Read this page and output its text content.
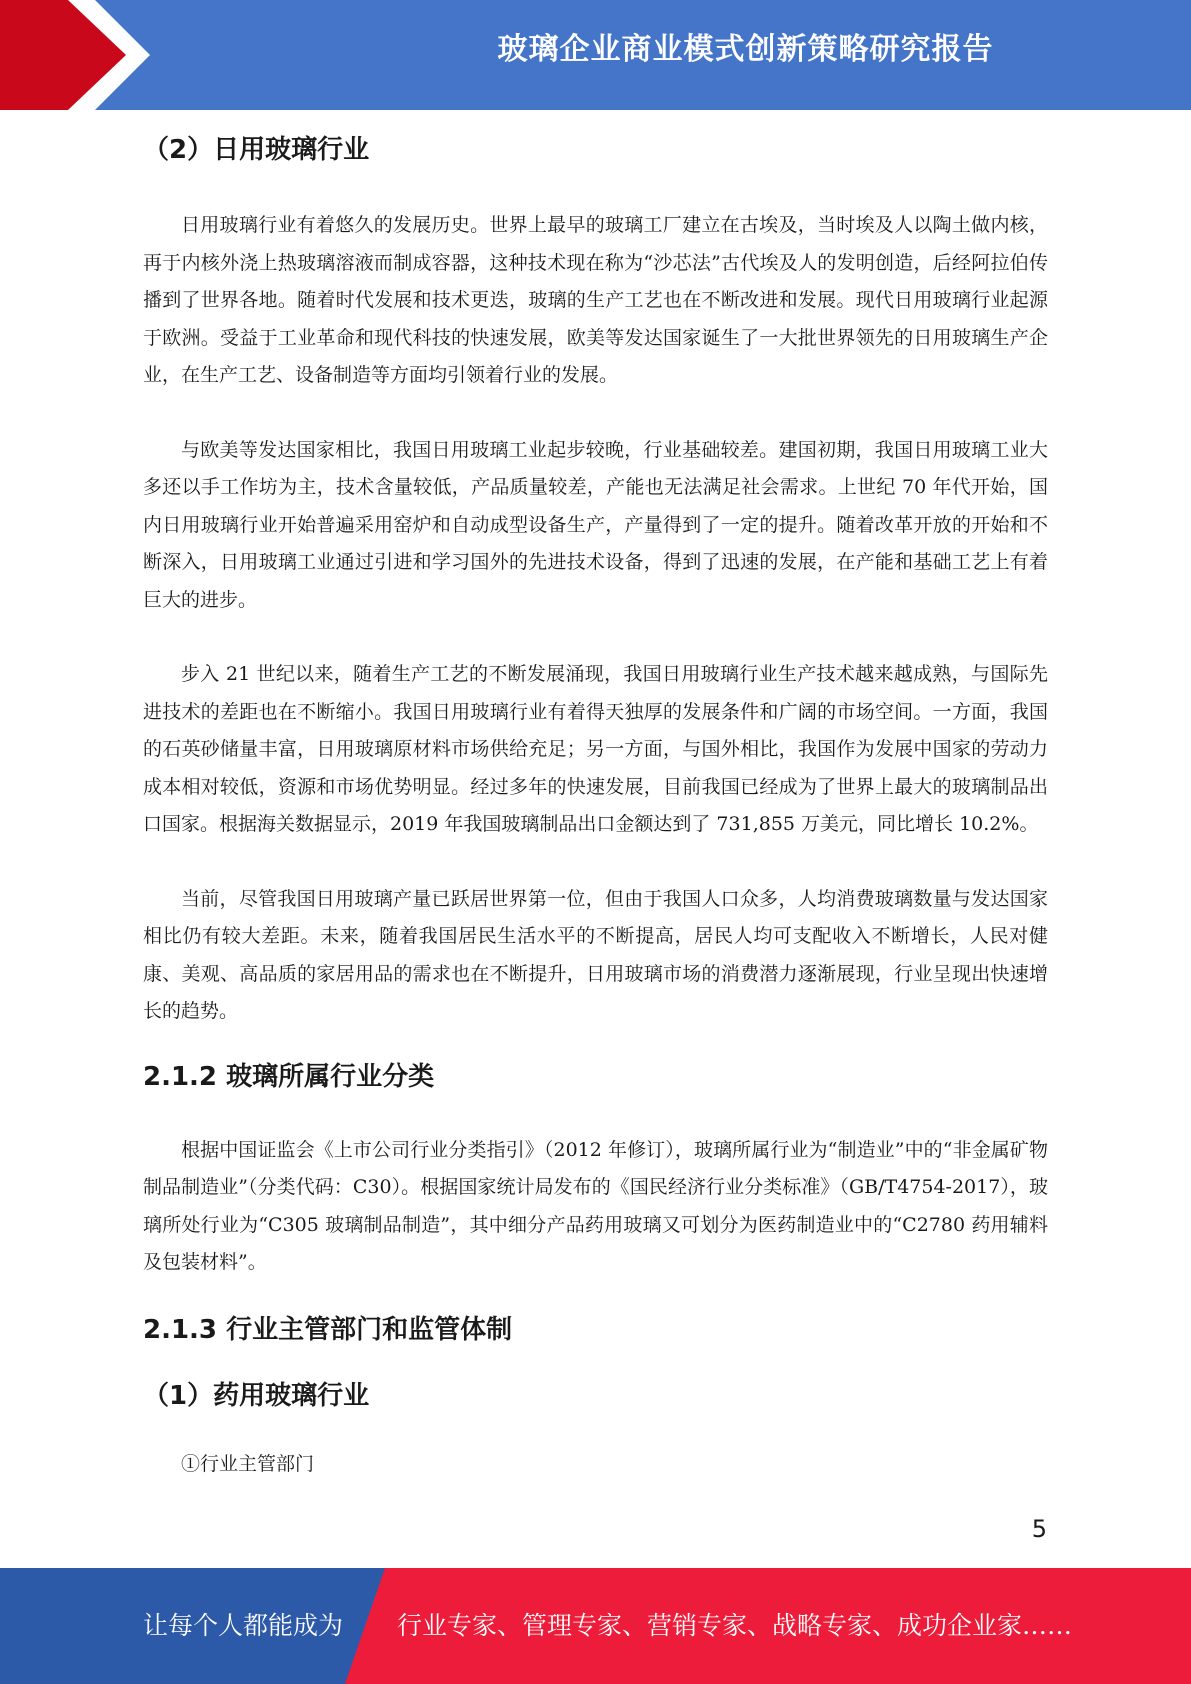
玻璃企业商业模式创新策略研究报告
（2）日用玻璃行业

日用玻璃行业有着悠久的发展历史。世界上最早的玻璃工厂建立在古埃及，当时埃及人以陶土做内核，再于内核外浇上热玻璃溶液而制成容器，这种技术现在称为“沙芯法”古代埃及人的发明创造，后经阿拉伯传播到了世界各地。随着时代发展和技术更迭，玻璃的生产工艺也在不断改进和发展。现代日用玻璃行业起源于欧洲。受益于工业革命和现代科技的快速发展，欧美等发达国家诞生了一大批世界领先的日用玻璃生产企业，在生产工艺、设备制造等方面均引领着行业的发展。

与欧美等发达国家相比，我国日用玻璃工业起步较晚，行业基础较差。建国初期，我国日用玻璃工业大多还以手工作坊为主，技术含量较低，产品质量较差，产能也无法满足社会需求。上世纪 70 年代开始，国内日用玻璃行业开始普遍采用窑炉和自动成型设备生产，产量得到了一定的提升。随着改革开放的开始和不断深入，日用玻璃工业通过引进和学习国外的先进技术设备，得到了迅速的发展，在产能和基础工艺上有着巨大的进步。

步入 21 世纪以来，随着生产工艺的不断发展涌现，我国日用玻璃行业生产技术越来越成熟，与国际先进技术的差距也在不断缩小。我国日用玻璃行业有着得天独厚的发展条件和广阔的市场空间。一方面，我国的石英砂储量丰富，日用玻璃原材料市场供给充足；另一方面，与国外相比，我国作为发展中国家的劳动力成本相对较低，资源和市场优势明显。经过多年的快速发展，目前我国已经成为了世界上最大的玻璃制品出口国家。根据海关数据显示，2019 年我国玻璃制品出口金额达到了 731,855 万美元，同比增长 10.2%。

当前，尽管我国日用玻璃产量已跃居世界第一位，但由于我国人口众多，人均消费玻璃数量与发达国家相比仍有较大差距。未来，随着我国居民生活水平的不断提高，居民人均可支配收入不断增长，人民对健康、美观、高品质的家居用品的需求也在不断提升，日用玻璃市场的消费潜力逐渐展现，行业呈现出快速增长的趋势。

2.1.2 玻璃所属行业分类

根据中国证监会《上市公司行业分类指引》（2012 年修订），玻璃所属行业为“制造业”中的“非金属矿物制品制造业”（分类代码：C30）。根据国家统计局发布的《国民经济行业分类标准》（GB/T4754-2017），玻璃所处行业为“C305 玻璃制品制造”，其中细分产品药用玻璃又可划分为医药制造业中的“C2780 药用辅料及包装材料”。

2.1.3 行业主管部门和监管体制
（1）药用玻璃行业

①行业主管部门

5
让每个人都能成为 行业专家、管理专家、营销专家、战略专家、成功企业家……
